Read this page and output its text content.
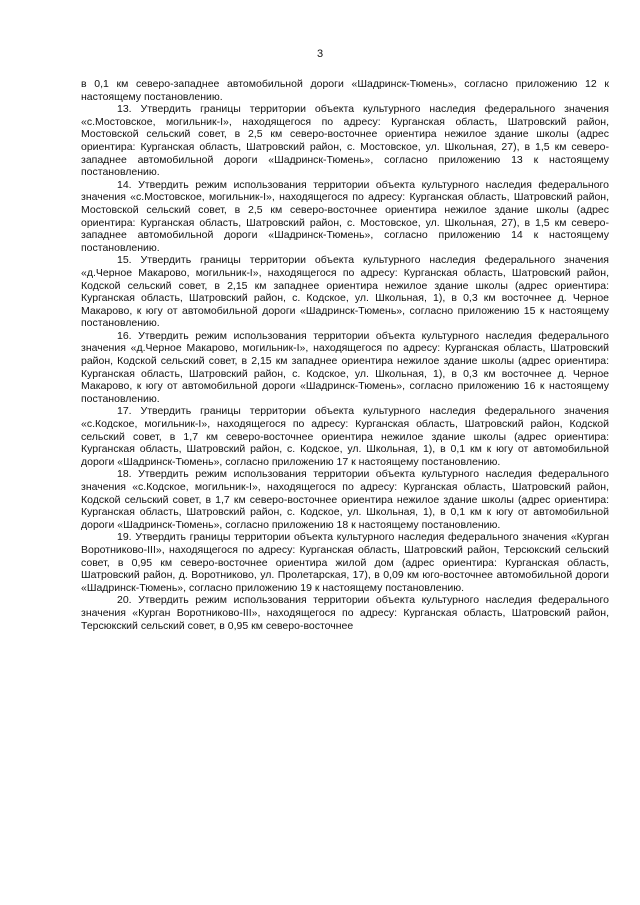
3

в 0,1 км северо-западнее автомобильной дороги «Шадринск-Тюмень», согласно приложению 12 к настоящему постановлению.

13. Утвердить границы территории объекта культурного наследия федерального значения «с.Мостовское, могильник-I», находящегося по адресу: Курганская область, Шатровский район, Мостовской сельский совет, в 2,5 км северо-восточнее ориентира нежилое здание школы (адрес ориентира: Курганская область, Шатровский район, с. Мостовское, ул. Школьная, 27), в 1,5 км северо-западнее автомобильной дороги «Шадринск-Тюмень», согласно приложению 13 к настоящему постановлению.

14. Утвердить режим использования территории объекта культурного наследия федерального значения «с.Мостовское, могильник-I», находящегося по адресу: Курганская область, Шатровский район, Мостовской сельский совет, в 2,5 км северо-восточнее ориентира нежилое здание школы (адрес ориентира: Курганская область, Шатровский район, с. Мостовское, ул. Школьная, 27), в 1,5 км северо-западнее автомобильной дороги «Шадринск-Тюмень», согласно приложению 14 к настоящему постановлению.

15. Утвердить границы территории объекта культурного наследия федерального значения «д.Черное Макарово, могильник-I», находящегося по адресу: Курганская область, Шатровский район, Кодской сельский совет, в 2,15 км западнее ориентира нежилое здание школы (адрес ориентира: Курганская область, Шатровский район, с. Кодское, ул. Школьная, 1), в 0,3 км восточнее д. Черное Макарово, к югу от автомобильной дороги «Шадринск-Тюмень», согласно приложению 15 к настоящему постановлению.

16. Утвердить режим использования территории объекта культурного наследия федерального значения «д.Черное Макарово, могильник-I», находящегося по адресу: Курганская область, Шатровский район, Кодской сельский совет, в 2,15 км западнее ориентира нежилое здание школы (адрес ориентира: Курганская область, Шатровский район, с. Кодское, ул. Школьная, 1), в 0,3 км восточнее д. Черное Макарово, к югу от автомобильной дороги «Шадринск-Тюмень», согласно приложению 16 к настоящему постановлению.

17. Утвердить границы территории объекта культурного наследия федерального значения «с.Кодское, могильник-I», находящегося по адресу: Курганская область, Шатровский район, Кодской сельский совет, в 1,7 км северо-восточнее ориентира нежилое здание школы (адрес ориентира: Курганская область, Шатровский район, с. Кодское, ул. Школьная, 1), в 0,1 км к югу от автомобильной дороги «Шадринск-Тюмень», согласно приложению 17 к настоящему постановлению.

18. Утвердить режим использования территории объекта культурного наследия федерального значения «с.Кодское, могильник-I», находящегося по адресу: Курганская область, Шатровский район, Кодской сельский совет, в 1,7 км северо-восточнее ориентира нежилое здание школы (адрес ориентира: Курганская область, Шатровский район, с. Кодское, ул. Школьная, 1), в 0,1 км к югу от автомобильной дороги «Шадринск-Тюмень», согласно приложению 18 к настоящему постановлению.

19. Утвердить границы территории объекта культурного наследия федерального значения «Курган Воротниково-III», находящегося по адресу: Курганская область, Шатровский район, Терсюкский сельский совет, в 0,95 км северо-восточнее ориентира жилой дом (адрес ориентира: Курганская область, Шатровский район, д. Воротниково, ул. Пролетарская, 17), в 0,09 км юго-восточнее автомобильной дороги «Шадринск-Тюмень», согласно приложению 19 к настоящему постановлению.

20. Утвердить режим использования территории объекта культурного наследия федерального значения «Курган Воротниково-III», находящегося по адресу: Курганская область, Шатровский район, Терсюкский сельский совет, в 0,95 км северо-восточнее
